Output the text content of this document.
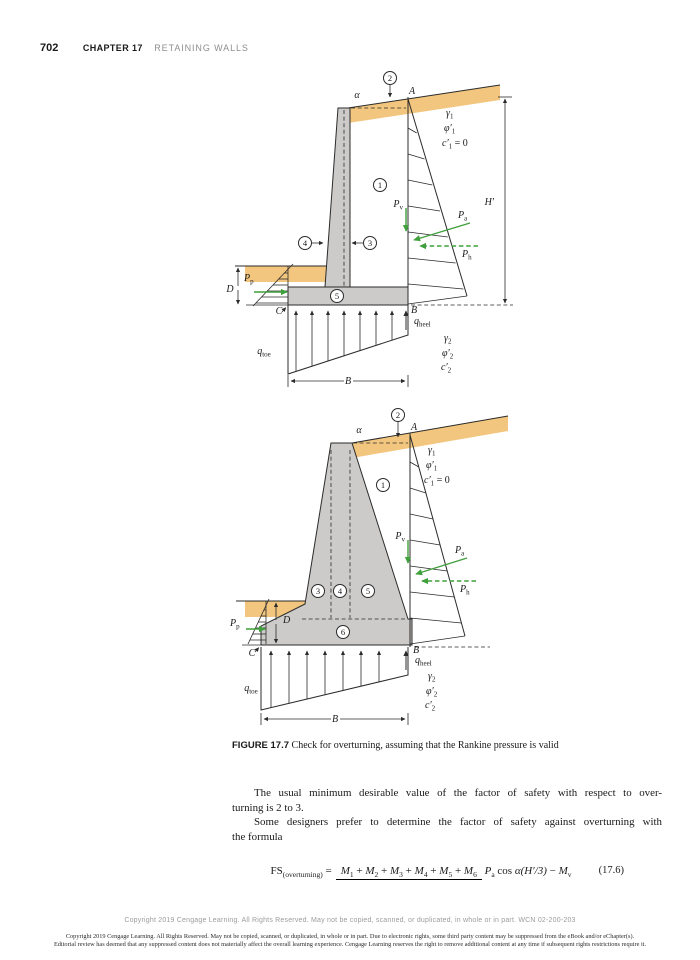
702	CHAPTER 17 RETAINING WALLS
H′
D
B
2
1
4	3
5
α	A
$\gamma_1$
$\varphi'_1$
$c'_1 = 0$
$P_v$
$P_a$
$P_h$
$P_p$
C	B
$q_{heel}$
$q_{toe}$
$\gamma_2$
$\varphi'_2$
$c'_2$
D
B
2
1
3 4	5
6
α	A
$\gamma_1$
$\varphi'_1$
$c'_1 = 0$
$P_v$
$P_a$
$P_h$
$P_p$
C	B
$q_{heel}$
$q_{toe}$
$\gamma_2$
$\varphi'_2$
$c'_2$
FIGURE 17.7 Check for overturning, assuming that the Rankine pressure is valid
The usual minimum desirable value of the factor of safety with respect to over-
turning is 2 to 3.
Some designers prefer to determine the factor of safety against overturning with
the formula
$FS_{(overturning)} = M_1 + M_2 + M_3 + M_4 + M_5 + M_6$ $P_a$ $\cos \alpha(H'/3) - M_v$	(17.6)
Copyright 2019 Cengage Learning. All Rights Reserved. May not be copied, scanned, or duplicated, in whole or in part. WCN 02-200-203
Copyright 2019 Cengage Learning. All Rights Reserved. May not be copied, scanned, or duplicated, in whole or in part. Due to electronic rights, some third party content may be suppressed from the eBook and/or eChapter(s).
Editorial review has deemed that any suppressed content does not materially affect the overall learning experience. Cengage Learning reserves the right to remove additional content at any time if subsequent rights restrictions require it.
